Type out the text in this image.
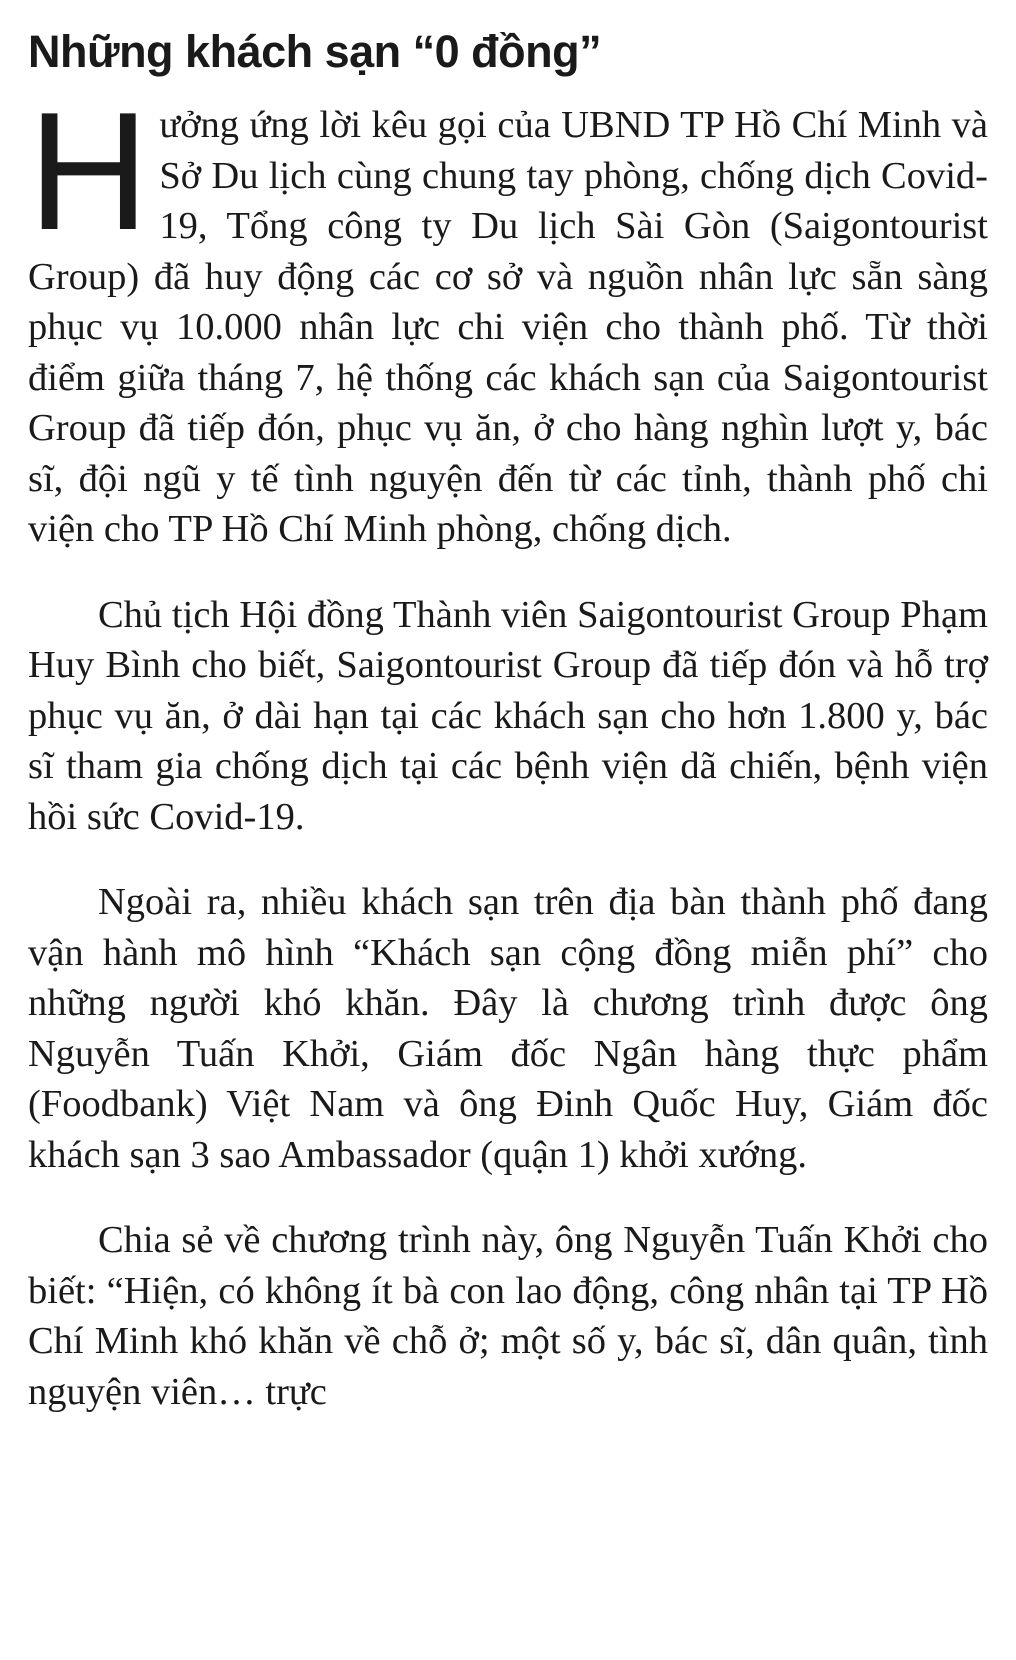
Những khách sạn “0 đồng”

Hưởng ứng lời kêu gọi của UBND TP Hồ Chí Minh và Sở Du lịch cùng chung tay phòng, chống dịch Covid-19, Tổng công ty Du lịch Sài Gòn (Saigontourist Group) đã huy động các cơ sở và nguồn nhân lực sẵn sàng phục vụ 10.000 nhân lực chi viện cho thành phố. Từ thời điểm giữa tháng 7, hệ thống các khách sạn của Saigontourist Group đã tiếp đón, phục vụ ăn, ở cho hàng nghìn lượt y, bác sĩ, đội ngũ y tế tình nguyện đến từ các tỉnh, thành phố chi viện cho TP Hồ Chí Minh phòng, chống dịch.

Chủ tịch Hội đồng Thành viên Saigontourist Group Phạm Huy Bình cho biết, Saigontourist Group đã tiếp đón và hỗ trợ phục vụ ăn, ở dài hạn tại các khách sạn cho hơn 1.800 y, bác sĩ tham gia chống dịch tại các bệnh viện dã chiến, bệnh viện hồi sức Covid-19.

Ngoài ra, nhiều khách sạn trên địa bàn thành phố đang vận hành mô hình “Khách sạn cộng đồng miễn phí” cho những người khó khăn. Đây là chương trình được ông Nguyễn Tuấn Khởi, Giám đốc Ngân hàng thực phẩm (Foodbank) Việt Nam và ông Đinh Quốc Huy, Giám đốc khách sạn 3 sao Ambassador (quận 1) khởi xướng.

Chia sẻ về chương trình này, ông Nguyễn Tuấn Khởi cho biết: “Hiện, có không ít bà con lao động, công nhân tại TP Hồ Chí Minh khó khăn về chỗ ở; một số y, bác sĩ, dân quân, tình nguyện viên… trực
